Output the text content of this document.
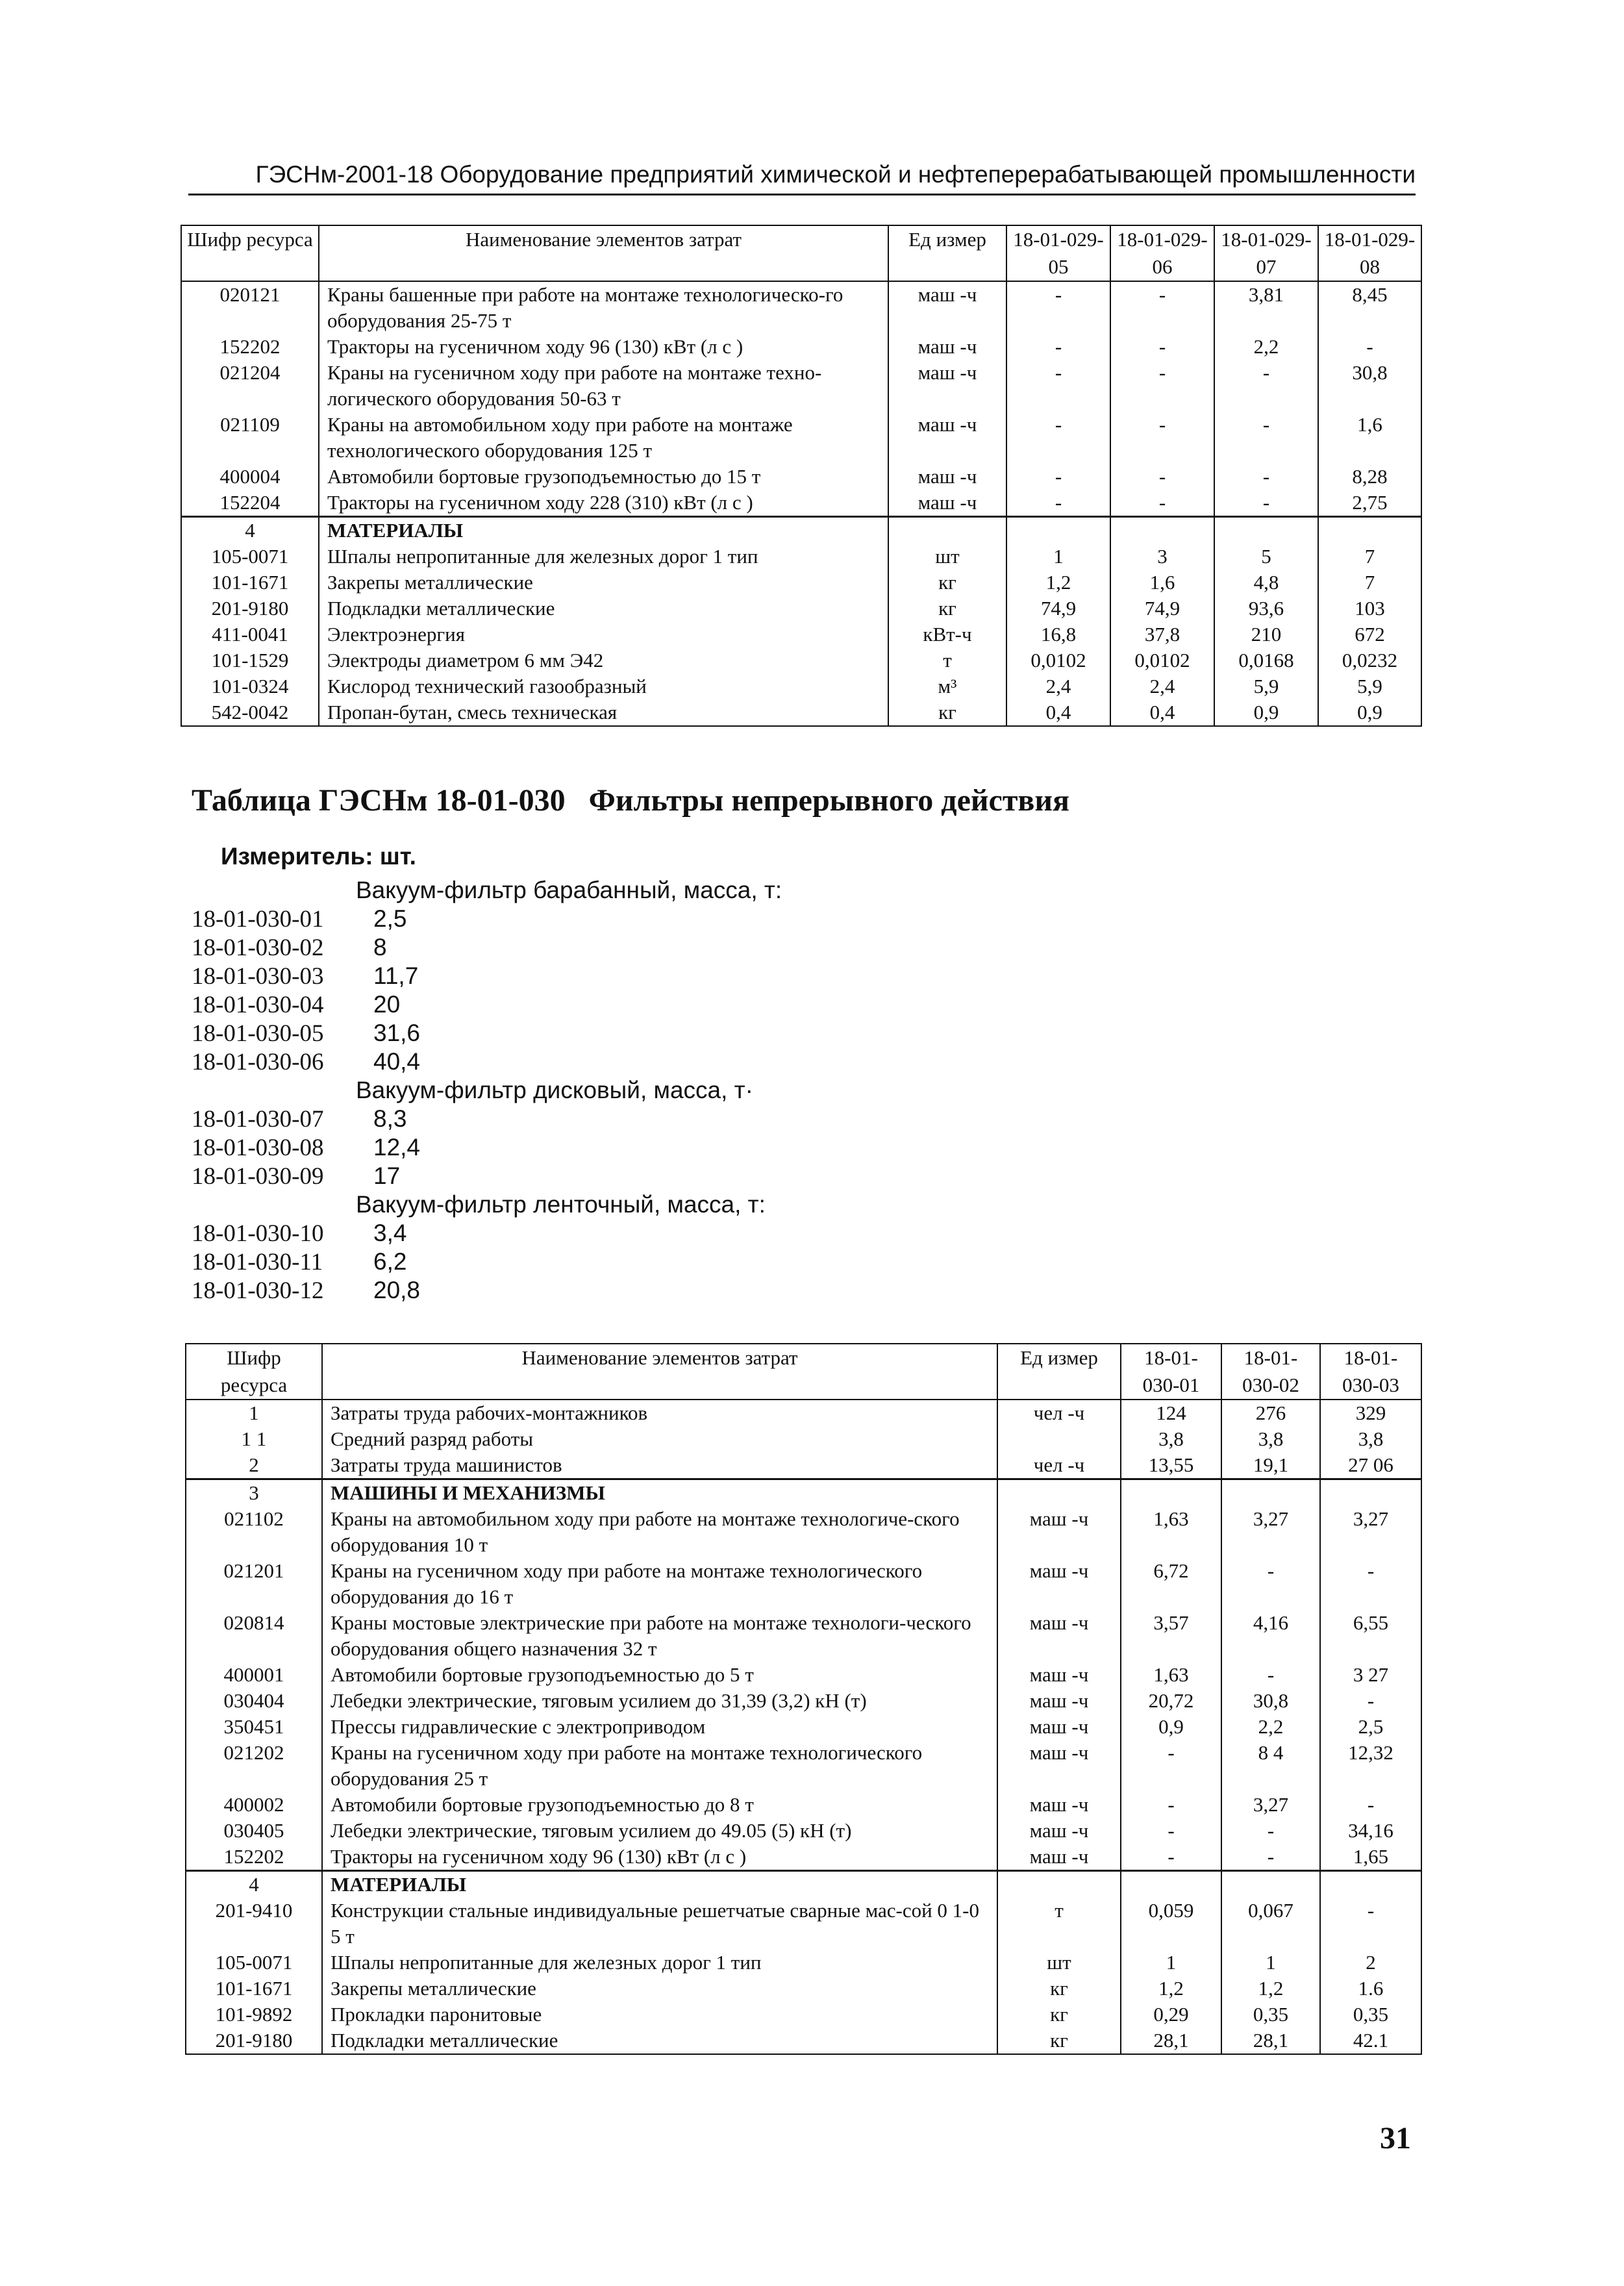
ГЭСНм-2001-18 Оборудование предприятий химической и нефтеперерабатывающей промышленности
Шифр ресурса	Наименование элементов затрат	Ед измер	18-01-029-05	18-01-029-06	18-01-029-07	18-01-029-08
020121	Краны башенные при работе на монтаже технологическо-го оборудования 25-75 т	маш -ч	-	-	3,81	8,45
152202	Тракторы на гусеничном ходу 96 (130) кВт (л с )	маш -ч	-	-	2,2	-
021204	Краны на гусеничном ходу при работе на монтаже техно-логического оборудования 50-63 т	маш -ч	-	-	-	30,8
021109	Краны на автомобильном ходу при работе на монтаже технологического оборудования 125 т	маш -ч	-	-	-	1,6
400004	Автомобили бортовые грузоподъемностью до 15 т	маш -ч	-	-	-	8,28
152204	Тракторы на гусеничном ходу 228 (310) кВт (л с )	маш -ч	-	-	-	2,75
4	МАТЕРИАЛЫ					
105-0071	Шпалы непропитанные для железных дорог 1 тип	шт	1	3	5	7
101-1671	Закрепы металлические	кг	1,2	1,6	4,8	7
201-9180	Подкладки металлические	кг	74,9	74,9	93,6	103
411-0041	Электроэнергия	кВт-ч	16,8	37,8	210	672
101-1529	Электроды диаметром 6 мм Э42	т	0,0102	0,0102	0,0168	0,0232
101-0324	Кислород технический газообразный	м³	2,4	2,4	5,9	5,9
542-0042	Пропан-бутан, смесь техническая	кг	0,4	0,4	0,9	0,9
Таблица ГЭСНм 18-01-030   Фильтры непрерывного действия
Измеритель: шт.
Вакуум-фильтр барабанный, масса, т:
18-01-030-01 2,5
18-01-030-02 8
18-01-030-03 11,7
18-01-030-04 20
18-01-030-05 31,6
18-01-030-06 40,4
Вакуум-фильтр дисковый, масса, т·
18-01-030-07 8,3
18-01-030-08 12,4
18-01-030-09 17
Вакуум-фильтр ленточный, масса, т:
18-01-030-10 3,4
18-01-030-11 6,2
18-01-030-12 20,8
Шифр ресурса	Наименование элементов затрат	Ед измер	18-01-030-01	18-01-030-02	18-01-030-03
1	Затраты труда рабочих-монтажников	чел -ч	124	276	329
1 1	Средний разряд работы		3,8	3,8	3,8
2	Затраты труда машинистов	чел -ч	13,55	19,1	27 06
3	МАШИНЫ И МЕХАНИЗМЫ				
021102	Краны на автомобильном ходу при работе на монтаже технологиче-ского оборудования 10 т	маш -ч	1,63	3,27	3,27
021201	Краны на гусеничном ходу при работе на монтаже технологического оборудования до 16 т	маш -ч	6,72	-	-
020814	Краны мостовые электрические при работе на монтаже технологи-ческого оборудования общего назначения 32 т	маш -ч	3,57	4,16	6,55
400001	Автомобили бортовые грузоподъемностью до 5 т	маш -ч	1,63	-	3 27
030404	Лебедки электрические, тяговым усилием до 31,39 (3,2) кН (т)	маш -ч	20,72	30,8	-
350451	Прессы гидравлические с электроприводом	маш -ч	0,9	2,2	2,5
021202	Краны на гусеничном ходу при работе на монтаже технологического оборудования 25 т	маш -ч	-	8 4	12,32
400002	Автомобили бортовые грузоподъемностью до 8 т	маш -ч	-	3,27	-
030405	Лебедки электрические, тяговым усилием до 49.05 (5) кН (т)	маш -ч	-	-	34,16
152202	Тракторы на гусеничном ходу 96 (130) кВт (л с )	маш -ч	-	-	1,65
4	МАТЕРИАЛЫ				
201-9410	Конструкции стальные индивидуальные решетчатые сварные мас-сой 0 1-0 5 т	т	0,059	0,067	-
105-0071	Шпалы непропитанные для железных дорог 1 тип	шт	1	1	2
101-1671	Закрепы металлические	кг	1,2	1,2	1.6
101-9892	Прокладки паронитовые	кг	0,29	0,35	0,35
201-9180	Подкладки металлические	кг	28,1	28,1	42.1
31
